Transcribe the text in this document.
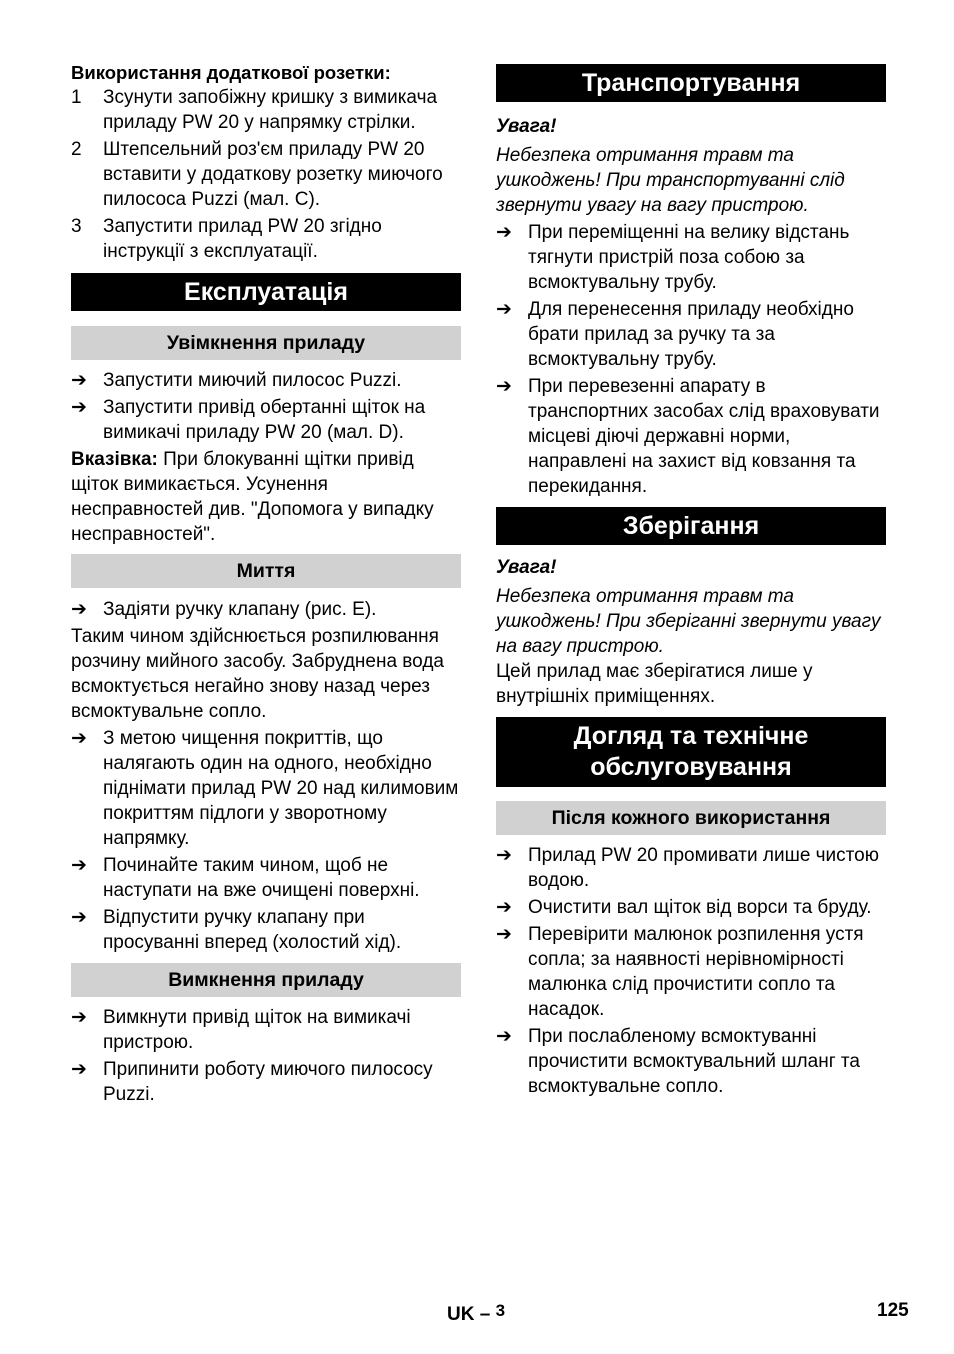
Використання додаткової розетки:

1	Зсунути запобіжну кришку з вимикача приладу PW 20 у напрямку стрілки.
2	Штепсельний роз'єм приладу PW 20 вставити у додаткову розетку миючого пилососа Puzzi (мал. C).
3	Запустити прилад PW 20 згідно інструкції з експлуатації.
Експлуатація
Увімкнення приладу
➔ Запустити миючий пилосос Puzzi.
➔ Запустити привід обертанні щіток на вимикачі приладу PW 20 (мал. D).

Вказівка: При блокуванні щітки привід щіток вимикається. Усунення несправностей див. "Допомога у випадку несправностей".

Миття
➔ Задіяти ручку клапану (рис. E).

Таким чином здійснюється розпилювання розчину мийного засобу. Забруднена вода всмоктується негайно знову назад через всмоктувальне сопло.

➔ З метою чищення покриттів, що налягають один на одного, необхідно піднімати прилад PW 20 над килимовим покриттям підлоги у зворотному напрямку.
➔ Починайте таким чином, щоб не наступати на вже очищені поверхні.
➔ Відпустити ручку клапану при просуванні вперед (холостий хід).
Вимкнення приладу
➔ Вимкнути привід щіток на вимикачі пристрою.
➔ Припинити роботу миючого пилососу Puzzi.
Транспортування

Увага!

Небезпека отримання травм та ушкоджень! При транспортуванні слід звернути увагу на вагу пристрою.

➔ При переміщенні на велику відстань тягнути пристрій поза собою за всмоктувальну трубу.
➔ Для перенесення приладу необхідно брати прилад за ручку та за всмоктувальну трубу.
➔ При перевезенні апарату в транспортних засобах слід враховувати місцеві діючі державні норми, направлені на захист від ковзання та перекидання.
Зберігання

Увага!

Небезпека отримання травм та ушкоджень! При зберіганні звернути увагу на вагу пристрою.

Цей прилад має зберігатися лише у внутрішніх приміщеннях.

Догляд та технічне
обслуговування
Після кожного використання
➔ Прилад PW 20 промивати лише чистою водою.
➔ Очистити вал щіток від ворси та бруду.
➔ Перевірити малюнок розпилення устя сопла; за наявності нерівномірності малюнка слід прочистити сопло та насадок.
➔ При послабленому всмоктуванні прочистити всмоктувальний шланг та всмоктувальне сопло.
UK – $^3$	125
